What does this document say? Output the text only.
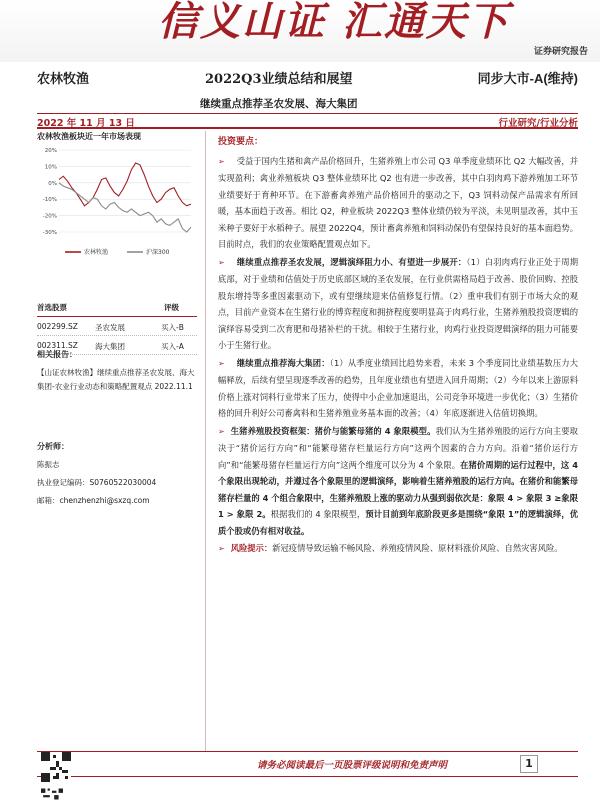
信义山证 汇通天下
证券研究报告
农林牧渔	2022Q3业绩总结和展望	同步大市-A(维持)
继续重点推荐圣农发展、海大集团
2022 年 11 月 13 日	行业研究/行业分析
农林牧渔板块近一年市场表现
20%
10%
0%
-10%
-20%
-30%
农林牧渔	沪深300
首选股票	评级
002299.SZ 圣农发展	买入-B
002311.SZ 海大集团	买入-A
相关报告：
【山证农林牧渔】继续重点推荐圣农发展、海大集团-农业行业动态和策略配置观点 2022.11.1
分析师：
陈振志
执业登记编码：S0760522030004
邮箱：chenzhenzhi@sxzq.com
投资要点：
➢ 受益于国内生猪和禽产品价格回升，生猪养殖上市公司 Q3 单季度业绩环比 Q2 大幅改善，并实现盈利；禽业养殖板块 Q3 整体业绩环比 Q2 也有进一步改善，其中白羽肉鸡下游养殖加工环节业绩要好于育种环节。在下游畜禽养殖产品价格回升的驱动之下，Q3 饲料动保产品需求有所回暖，基本面趋于改善。相比 Q2，种业板块 2022Q3 整体业绩仍较为平淡，未见明显改善，其中玉米种子要好于水稻种子。展望 2022Q4，预计畜禽养殖和饲料动保仍有望保持良好的基本面趋势。目前时点，我们的农业策略配置观点如下。
➢ 继续重点推荐圣农发展，逻辑演绎阻力小、有望进一步展开：（1）白羽肉鸡行业正处于周期底部，对于业绩和估值处于历史底部区域的圣农发展，在行业供需格局趋于改善、股价回购、控股股东增持等多重因素驱动下，或有望继续迎来估值修复行情。（2）重申我们有别于市场大众的观点，目前产业资本在生猪行业的博弈程度和拥挤程度要明显高于肉鸡行业，生猪养殖股投资逻辑的演绎容易受到二次育肥和母猪补栏的干扰。相较于生猪行业，肉鸡行业投资逻辑演绎的阻力可能要小于生猪行业。
➢ 继续重点推荐海大集团：（1）从季度业绩回比趋势来看，未来 3 个季度同比业绩基数压力大幅释放，后续有望呈现逐季改善的趋势，且年度业绩也有望进入回升周期；（2）今年以来上游原料价格上涨对饲料行业带来了压力，使得中小企业加速退出，公司竞争环境进一步优化；（3）生猪价格的回升利好公司畜禽料和生猪养殖业务基本面的改善；（4）年底逐渐进入估值切换期。
➢ 生猪养殖股投资框架：猪价与能繁母猪的 4 象限模型。我们认为生猪养殖股的运行方向主要取决于“猪价运行方向”和“能繁母猪存栏量运行方向”这两个因素的合力方向。沿着“猪价运行方向”和“能繁母猪存栏量运行方向”这两个维度可以分为 4 个象限。在猪价周期的运行过程中，这 4 个象限出现轮动，并遵过各个象限里的逻辑演绎，影响着生猪养殖股的运行方向。在猪价和能繁母猪存栏量的 4 个组合象限中，生猪养殖股上涨的驱动力从强到弱依次是：象限 4 > 象限 3 ≥象限 1 > 象限 2。根据我们的 4 象限模型，预计目前到年底阶段更多是围绕“象限 1”的逻辑演绎，优质个股或仍有相对收益。
➢ 风险提示：新冠疫情导致运输不畅风险、养殖疫情风险、原材料涨价风险、自然灾害风险。
请务必阅读最后一页股票评级说明和免责声明	1
